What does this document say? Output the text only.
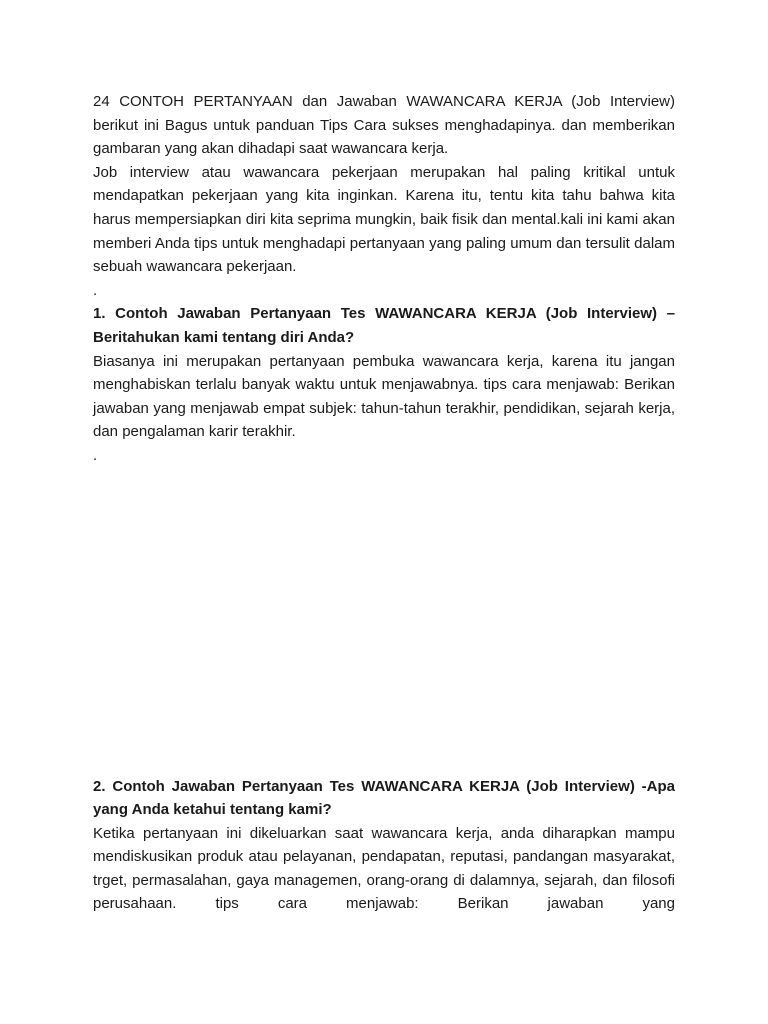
24 CONTOH PERTANYAAN dan Jawaban WAWANCARA KERJA (Job Interview) berikut ini Bagus untuk panduan Tips Cara sukses menghadapinya. dan memberikan gambaran yang akan dihadapi saat wawancara kerja.

Job interview atau wawancara pekerjaan merupakan hal paling kritikal untuk mendapatkan pekerjaan yang kita inginkan. Karena itu, tentu kita tahu bahwa kita harus mempersiapkan diri kita seprima mungkin, baik fisik dan mental.kali ini kami akan memberi Anda tips untuk menghadapi pertanyaan yang paling umum dan tersulit dalam sebuah wawancara pekerjaan.

.

1. Contoh Jawaban Pertanyaan Tes WAWANCARA KERJA (Job Interview) – Beritahukan kami tentang diri Anda?

Biasanya ini merupakan pertanyaan pembuka wawancara kerja, karena itu jangan menghabiskan terlalu banyak waktu untuk menjawabnya. tips cara menjawab: Berikan jawaban yang menjawab empat subjek: tahun-tahun terakhir, pendidikan, sejarah kerja, dan pengalaman karir terakhir.

.

2. Contoh Jawaban Pertanyaan Tes WAWANCARA KERJA (Job Interview) -Apa yang Anda ketahui tentang kami?

Ketika pertanyaan ini dikeluarkan saat wawancara kerja, anda diharapkan mampu mendiskusikan produk atau pelayanan, pendapatan, reputasi, pandangan masyarakat, trget, permasalahan, gaya managemen, orang-orang di dalamnya, sejarah, dan filosofi perusahaan. tips cara menjawab: Berikan jawaban yang
